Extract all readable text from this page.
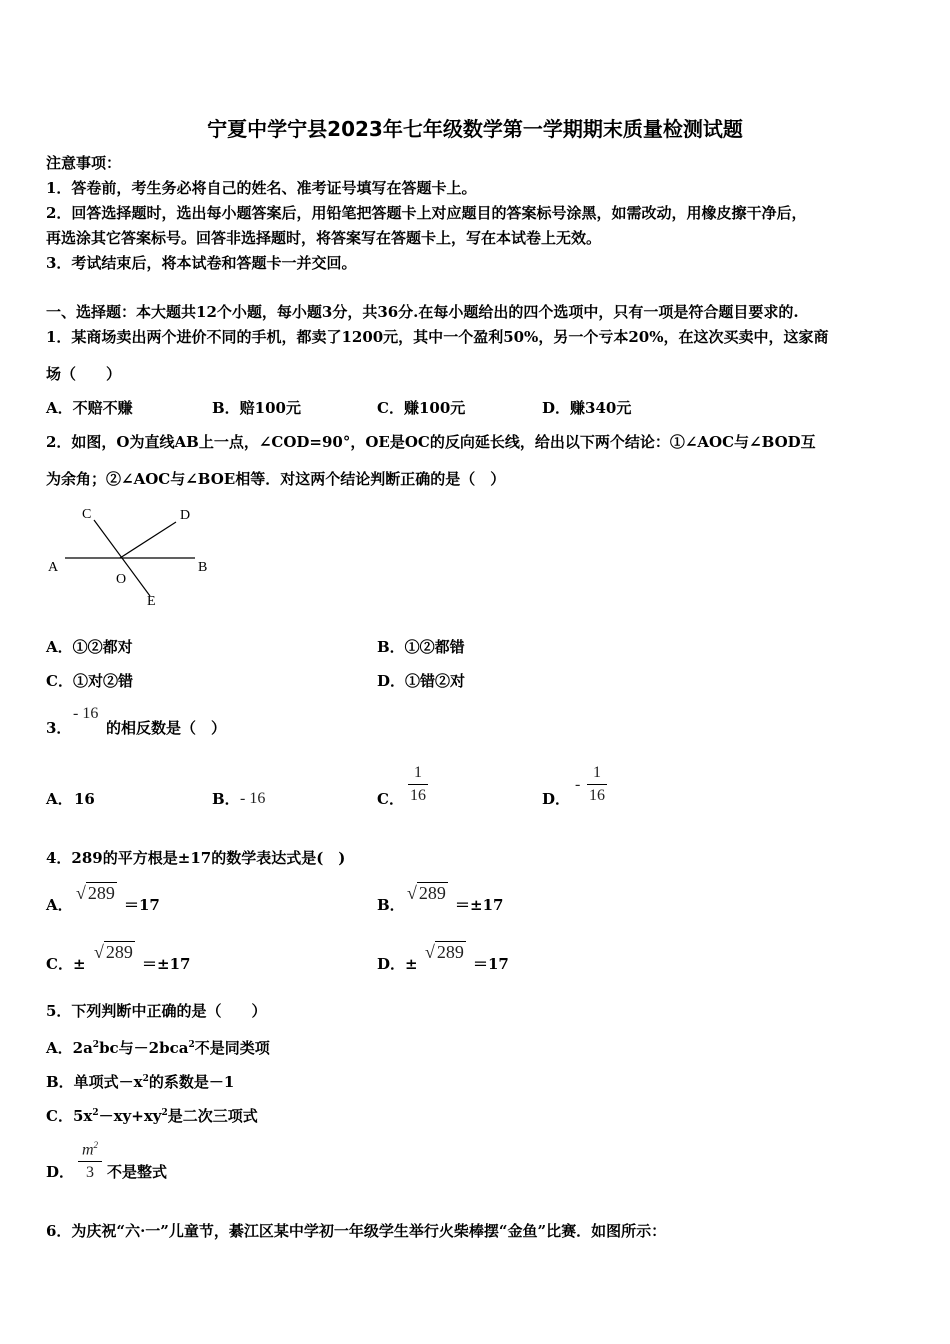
宁夏中学宁县2023年七年级数学第一学期期末质量检测试题
注意事项：
1．答卷前，考生务必将自己的姓名、准考证号填写在答题卡上。
2．回答选择题时，选出每小题答案后，用铅笔把答题卡上对应题目的答案标号涂黑，如需改动，用橡皮擦干净后，
再选涂其它答案标号。回答非选择题时，将答案写在答题卡上，写在本试卷上无效。
3．考试结束后，将本试卷和答题卡一并交回。
一、选择题：本大题共12个小题，每小题3分，共36分.在每小题给出的四个选项中，只有一项是符合题目要求的.
1．某商场卖出两个进价不同的手机，都卖了1200元，其中一个盈利50%，另一个亏本20%，在这次买卖中，这家商
场（　　）
A．不赔不赚	B．赔100元	C．赚100元	D．赚340元
2．如图，O为直线AB上一点，∠COD=90°，OE是OC的反向延长线，给出以下两个结论：①∠AOC与∠BOD互
为余角；②∠AOC与∠BOE相等．对这两个结论判断正确的是（　）
A	B
C	D
O
E
A．①②都对	B．①②都错
C．①对②错	D．①错②对
3．
- 16
的相反数是（　）
A． 16	B． - 16	C．
1
16	D．
-
1
16
4．289的平方根是±17的数学表达式是(　)
A．
√ 289
＝17	B．
√ 289
＝±17
C．±
√ 289
＝±17	D．±
√ 289
＝17
5．下列判断中正确的是（　　）
A．$2a^2bc$与－2bca$^2$不是同类项
B．单项式$-x^2$的系数是－1
C．$5x^2-xy+xy^2$是二次三项式
D．
$m^2$
3 不是整式
6．为庆祝“六·一”儿童节，綦江区某中学初一年级学生举行火柴棒摆“金鱼”比赛．如图所示：
